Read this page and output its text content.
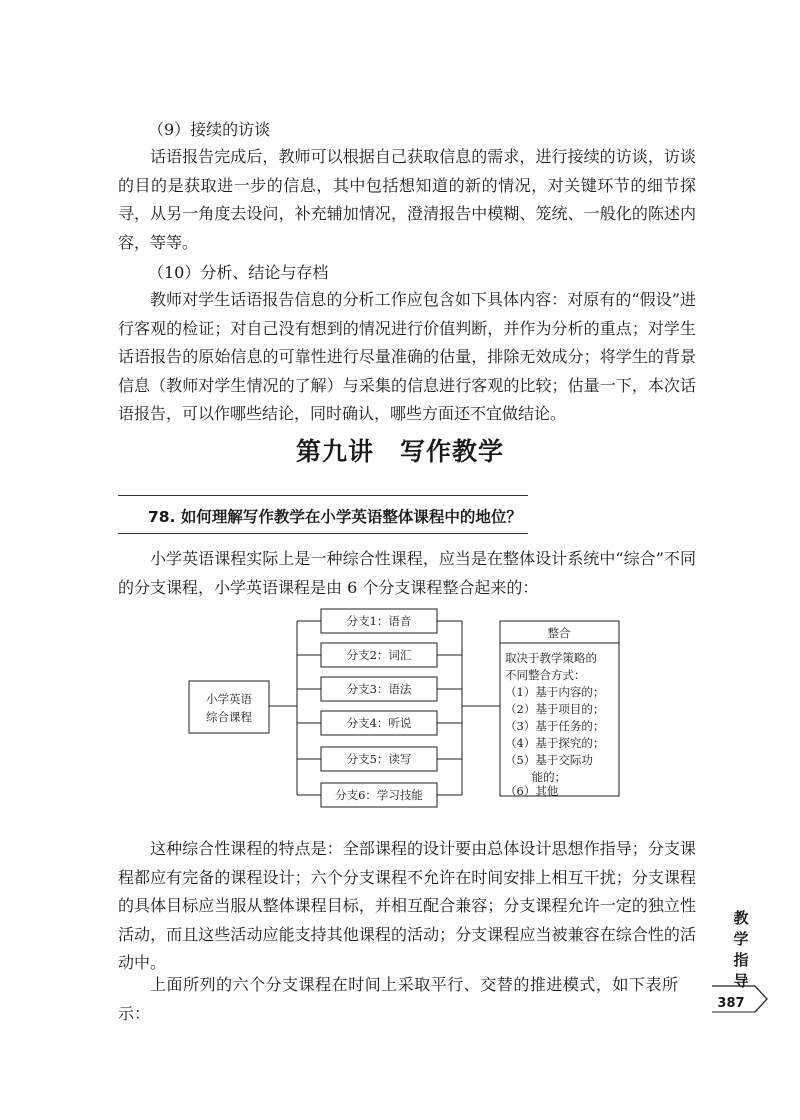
（9）接续的访谈
话语报告完成后，教师可以根据自己获取信息的需求，进行接续的访谈，访谈的目的是获取进一步的信息，其中包括想知道的新的情况，对关键环节的细节探寻，从另一角度去设问，补充辅加情况，澄清报告中模糊、笼统、一般化的陈述内容，等等。
（10）分析、结论与存档
教师对学生话语报告信息的分析工作应包含如下具体内容：对原有的“假设”进行客观的检证；对自己没有想到的情况进行价值判断，并作为分析的重点；对学生话语报告的原始信息的可靠性进行尽量准确的估量，排除无效成分；将学生的背景信息（教师对学生情况的了解）与采集的信息进行客观的比较；估量一下，本次话语报告，可以作哪些结论，同时确认，哪些方面还不宜做结论。
第九讲　写作教学
78. 如何理解写作教学在小学英语整体课程中的地位？
小学英语课程实际上是一种综合性课程，应当是在整体设计系统中“综合”不同的分支课程，小学英语课程是由 6 个分支课程整合起来的：
小学英语
综合课程
分支1：语音
分支2：词汇
分支3：语法
分支4：听说
分支5：读写
分支6：学习技能
整合
取决于教学策略的
不同整合方式：
（1）基于内容的；
（2）基于项目的；
（3）基于任务的；
（4）基于探究的；
（5）基于交际功
　　 能的；
（6）其他
这种综合性课程的特点是：全部课程的设计要由总体设计思想作指导；分支课程都应有完备的课程设计；六个分支课程不允许在时间安排上相互干扰；分支课程的具体目标应当服从整体课程目标，并相互配合兼容；分支课程允许一定的独立性活动，而且这些活动应能支持其他课程的活动；分支课程应当被兼容在综合性的活动中。
上面所列的六个分支课程在时间上采取平行、交替的推进模式，如下表所示：
教
学
指
导
387
